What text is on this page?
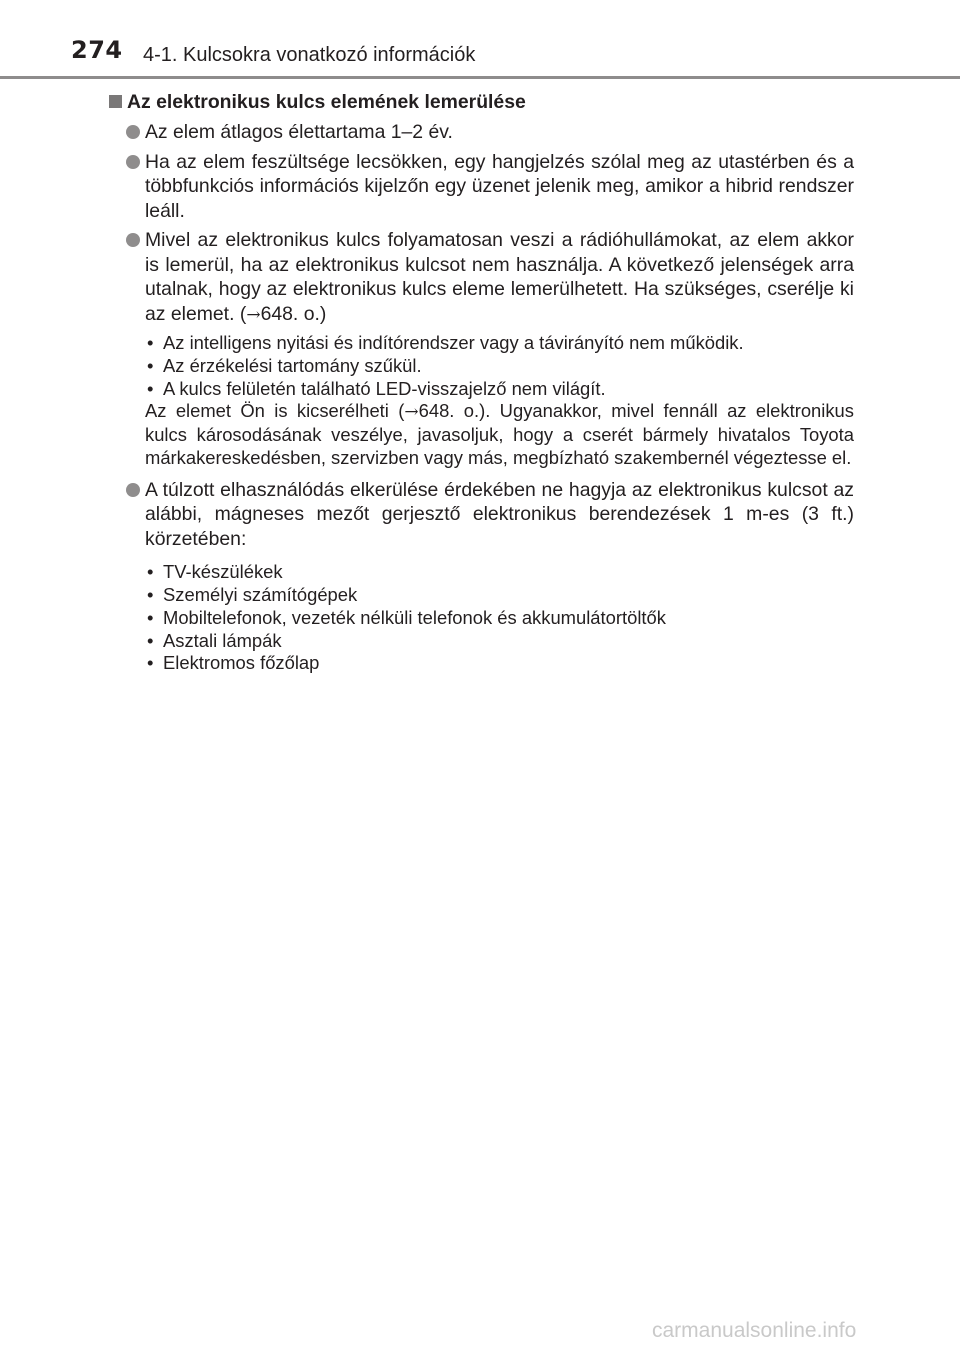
274 4-1. Kulcsokra vonatkozó információk
Az elektronikus kulcs elemének lemerülése
Az elem átlagos élettartama 1–2 év.
Ha az elem feszültsége lecsökken, egy hangjelzés szólal meg az utastérben és a többfunkciós információs kijelzőn egy üzenet jelenik meg, amikor a hibrid rendszer leáll.
Mivel az elektronikus kulcs folyamatosan veszi a rádióhullámokat, az elem akkor is lemerül, ha az elektronikus kulcsot nem használja. A következő jelenségek arra utalnak, hogy az elektronikus kulcs eleme lemerülhetett. Ha szükséges, cserélje ki az elemet. (→648. o.)
• Az intelligens nyitási és indítórendszer vagy a távirányító nem működik.
• Az érzékelési tartomány szűkül.
• A kulcs felületén található LED-visszajelző nem világít.
Az elemet Ön is kicserélheti (→648. o.). Ugyanakkor, mivel fennáll az elektronikus kulcs károsodásának veszélye, javasoljuk, hogy a cserét bármely hivatalos Toyota márkakereskedésben, szervizben vagy más, megbízható szakembernél végeztesse el.
A túlzott elhasználódás elkerülése érdekében ne hagyja az elektronikus kulcsot az alábbi, mágneses mezőt gerjesztő elektronikus berendezések 1 m-es (3 ft.) körzetében:
• TV-készülékek
• Személyi számítógépek
• Mobiltelefonok, vezeték nélküli telefonok és akkumulátortöltők
• Asztali lámpák
• Elektromos főzőlap
carmanualsonline.info
